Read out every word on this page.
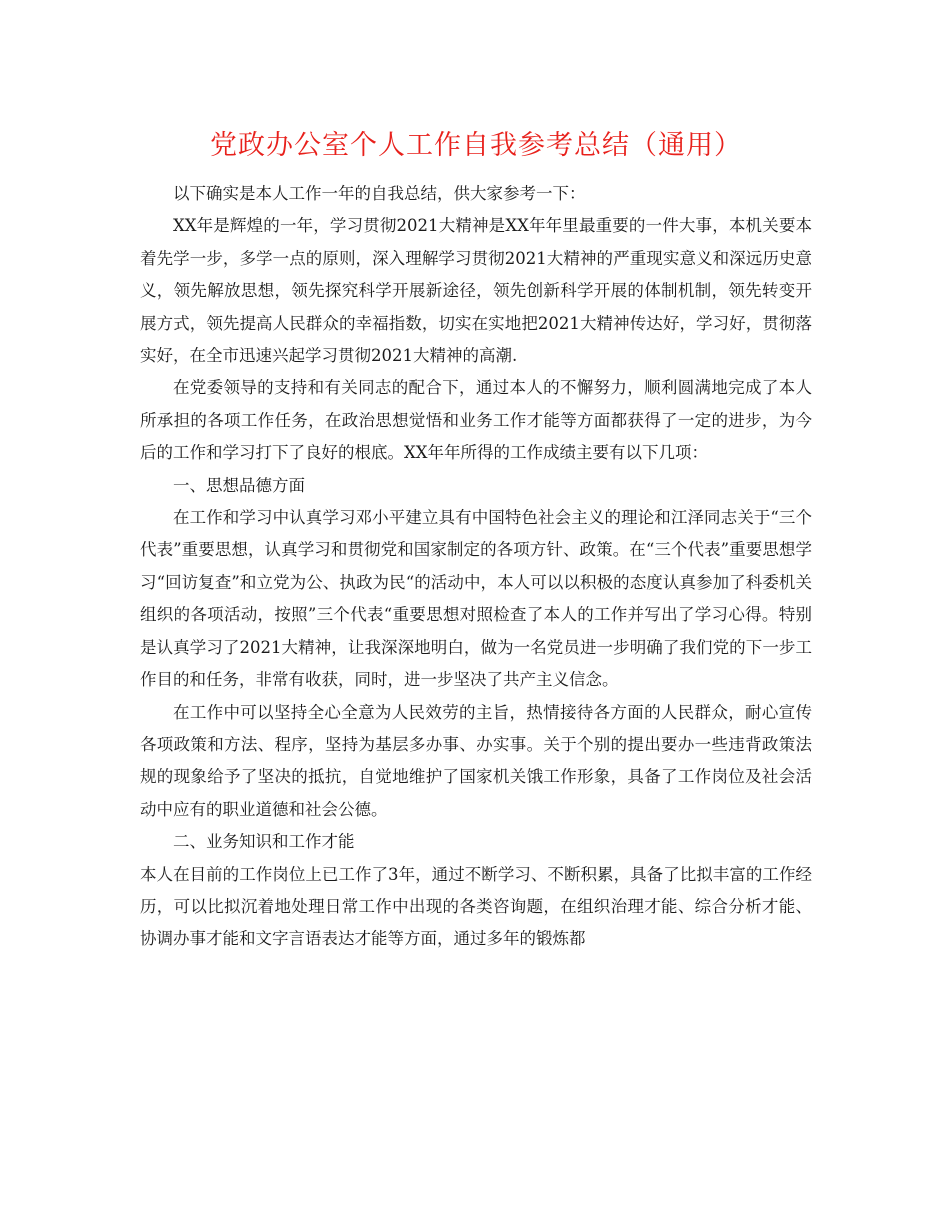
党政办公室个人工作自我参考总结（通用）

以下确实是本人工作一年的自我总结，供大家参考一下：

XX年是辉煌的一年，学习贯彻2021大精神是XX年年里最重要的一件大事，本机关要本着先学一步，多学一点的原则，深入理解学习贯彻2021大精神的严重现实意义和深远历史意义，领先解放思想，领先探究科学开展新途径，领先创新科学开展的体制机制，领先转变开展方式，领先提高人民群众的幸福指数，切实在实地把2021大精神传达好，学习好，贯彻落实好，在全市迅速兴起学习贯彻2021大精神的高潮.

在党委领导的支持和有关同志的配合下，通过本人的不懈努力，顺利圆满地完成了本人所承担的各项工作任务，在政治思想觉悟和业务工作才能等方面都获得了一定的进步，为今后的工作和学习打下了良好的根底。XX年年所得的工作成绩主要有以下几项：

一、思想品德方面

在工作和学习中认真学习邓小平建立具有中国特色社会主义的理论和江泽同志关于“三个代表”重要思想，认真学习和贯彻党和国家制定的各项方针、政策。在“三个代表”重要思想学习“回访复查”和立党为公、执政为民“的活动中，本人可以以积极的态度认真参加了科委机关组织的各项活动，按照”三个代表“重要思想对照检查了本人的工作并写出了学习心得。特别是认真学习了2021大精神，让我深深地明白，做为一名党员进一步明确了我们党的下一步工作目的和任务，非常有收获，同时，进一步坚决了共产主义信念。

在工作中可以坚持全心全意为人民效劳的主旨，热情接待各方面的人民群众，耐心宣传各项政策和方法、程序，坚持为基层多办事、办实事。关于个别的提出要办一些违背政策法规的现象给予了坚决的抵抗，自觉地维护了国家机关饿工作形象，具备了工作岗位及社会活动中应有的职业道德和社会公德。

二、业务知识和工作才能

本人在目前的工作岗位上已工作了3年，通过不断学习、不断积累，具备了比拟丰富的工作经历，可以比拟沉着地处理日常工作中出现的各类咨询题，在组织治理才能、综合分析才能、协调办事才能和文字言语表达才能等方面，通过多年的锻炼都
